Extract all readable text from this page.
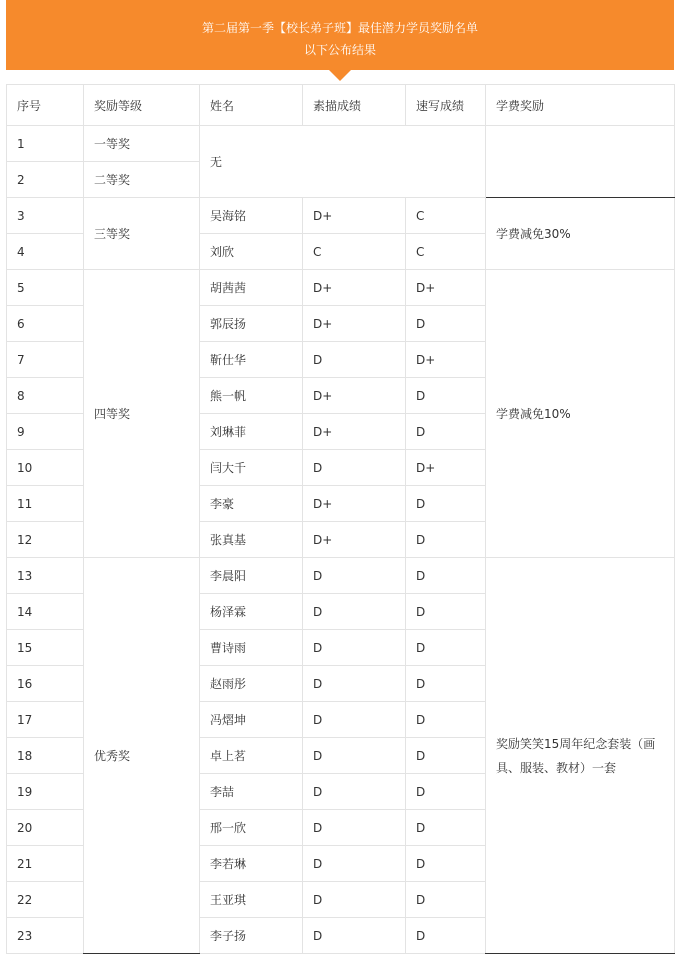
第二届第一季【校长弟子班】最佳潜力学员奖励名单
以下公布结果
序号	奖励等级	姓名	素描成绩	速写成绩	学费奖励
1	一等奖	无			
2	二等奖				
3	三等奖	吴海铭	D+	C	学费减免30%
4		刘欣	C	C	
5	四等奖	胡茜茜	D+	D+	学费减免10%
6		郭辰扬	D+	D	
7		靳仕华	D	D+	
8		熊一帆	D+	D	
9		刘琳菲	D+	D	
10		闫大千	D	D+	
11		李豪	D+	D	
12		张真基	D+	D	
13	优秀奖	李晨阳	D	D	奖励笑笑15周年纪念套装（画具、服装、教材）一套
14		杨泽霖	D	D	
15		曹诗雨	D	D	
16		赵雨彤	D	D	
17		冯熠坤	D	D	
18		卓上茗	D	D	
19		李喆	D	D	
20		邢一欣	D	D	
21		李若琳	D	D	
22		王亚琪	D	D	
23		李子扬	D	D	
